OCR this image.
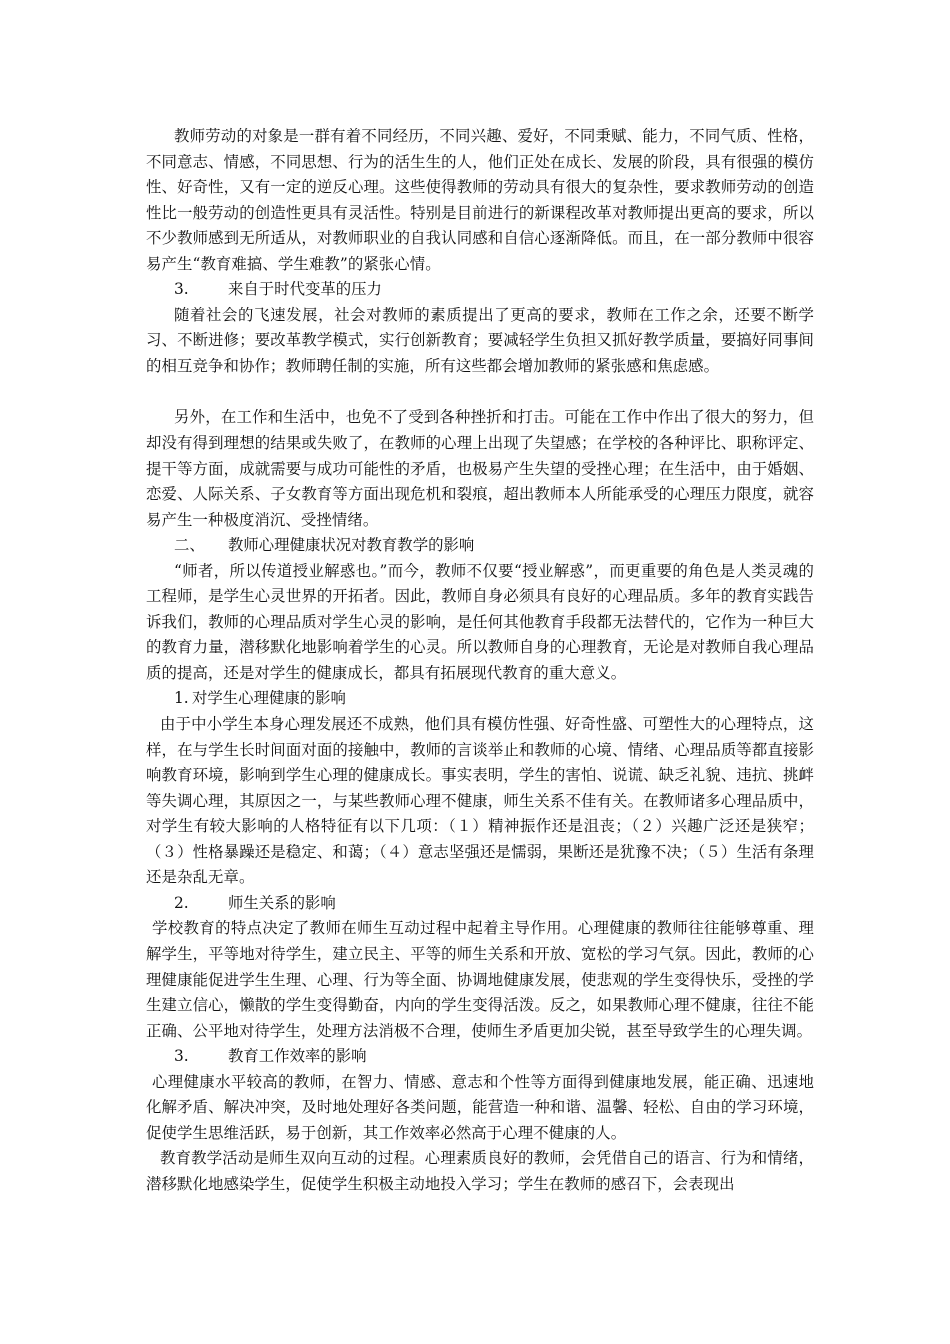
教师劳动的对象是一群有着不同经历，不同兴趣、爱好，不同秉赋、能力，不同气质、性格，不同意志、情感，不同思想、行为的活生生的人，他们正处在成长、发展的阶段，具有很强的模仿性、好奇性，又有一定的逆反心理。这些使得教师的劳动具有很大的复杂性，要求教师劳动的创造性比一般劳动的创造性更具有灵活性。特别是目前进行的新课程改革对教师提出更高的要求，所以不少教师感到无所适从，对教师职业的自我认同感和自信心逐渐降低。而且，在一部分教师中很容易产生“教育难搞、学生难教”的紧张心情。

3.	来自于时代变革的压力

随着社会的飞速发展，社会对教师的素质提出了更高的要求，教师在工作之余，还要不断学习、不断进修；要改革教学模式，实行创新教育；要减轻学生负担又抓好教学质量，要搞好同事间的相互竞争和协作；教师聘任制的实施，所有这些都会增加教师的紧张感和焦虑感。

另外，在工作和生活中，也免不了受到各种挫折和打击。可能在工作中作出了很大的努力，但却没有得到理想的结果或失败了，在教师的心理上出现了失望感；在学校的各种评比、职称评定、提干等方面，成就需要与成功可能性的矛盾，也极易产生失望的受挫心理；在生活中，由于婚姻、恋爱、人际关系、子女教育等方面出现危机和裂痕，超出教师本人所能承受的心理压力限度，就容易产生一种极度消沉、受挫情绪。

二、 教师心理健康状况对教育教学的影响

“师者，所以传道授业解惑也。”而今，教师不仅要“授业解惑”，而更重要的角色是人类灵魂的工程师，是学生心灵世界的开拓者。因此，教师自身必须具有良好的心理品质。多年的教育实践告诉我们，教师的心理品质对学生心灵的影响，是任何其他教育手段都无法替代的，它作为一种巨大的教育力量，潜移默化地影响着学生的心灵。所以教师自身的心理教育，无论是对教师自我心理品质的提高，还是对学生的健康成长，都具有拓展现代教育的重大意义。

1. 对学生心理健康的影响

由于中小学生本身心理发展还不成熟，他们具有模仿性强、好奇性盛、可塑性大的心理特点，这样，在与学生长时间面对面的接触中，教师的言谈举止和教师的心境、情绪、心理品质等都直接影响教育环境，影响到学生心理的健康成长。事实表明，学生的害怕、说谎、缺乏礼貌、违抗、挑衅等失调心理，其原因之一，与某些教师心理不健康，师生关系不佳有关。在教师诸多心理品质中，对学生有较大影响的人格特征有以下几项：（１）精神振作还是沮丧；（２）兴趣广泛还是狭窄；（３）性格暴躁还是稳定、和蔼；（４）意志坚强还是懦弱，果断还是犹豫不决；（５）生活有条理还是杂乱无章。

2.	师生关系的影响

学校教育的特点决定了教师在师生互动过程中起着主导作用。心理健康的教师往往能够尊重、理解学生，平等地对待学生，建立民主、平等的师生关系和开放、宽松的学习气氛。因此，教师的心理健康能促进学生生理、心理、行为等全面、协调地健康发展，使悲观的学生变得快乐，受挫的学生建立信心，懒散的学生变得勤奋，内向的学生变得活泼。反之，如果教师心理不健康，往往不能正确、公平地对待学生，处理方法消极不合理，使师生矛盾更加尖锐，甚至导致学生的心理失调。

3.	教育工作效率的影响

心理健康水平较高的教师，在智力、情感、意志和个性等方面得到健康地发展，能正确、迅速地化解矛盾、解决冲突，及时地处理好各类问题，能营造一种和谐、温馨、轻松、自由的学习环境，促使学生思维活跃，易于创新，其工作效率必然高于心理不健康的人。

教育教学活动是师生双向互动的过程。心理素质良好的教师，会凭借自己的语言、行为和情绪，潜移默化地感染学生，促使学生积极主动地投入学习；学生在教师的感召下，会表现出
